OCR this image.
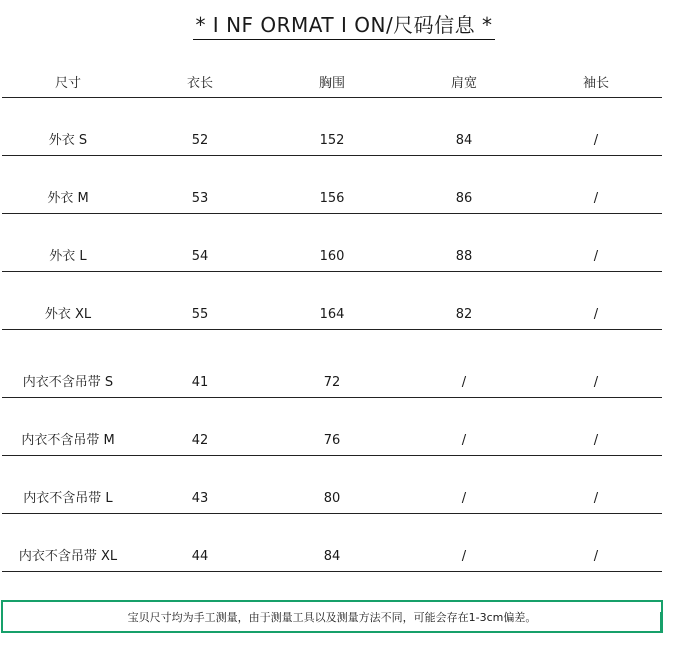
* I NF ORMAT I ON/尺码信息 *
尺寸	衣长	胸围	肩宽	袖长
外衣 S	52	152	84	/
外衣 M	53	156	86	/
外衣 L	54	160	88	/
外衣 XL	55	164	82	/
内衣不含吊带 S	41	72	/	/
内衣不含吊带 M	42	76	/	/
内衣不含吊带 L	43	80	/	/
内衣不含吊带 XL	44	84	/	/
宝贝尺寸均为手工测量，由于测量工具以及测量方法不同，可能会存在1-3cm偏差。
